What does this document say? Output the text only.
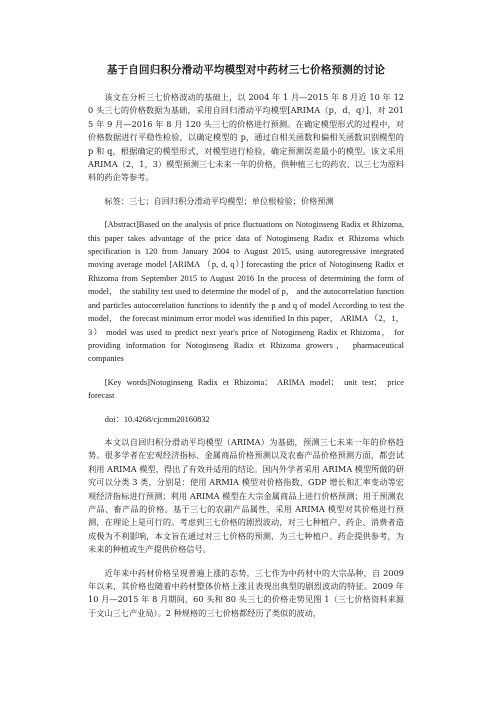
基于自回归积分滑动平均模型对中药材三七价格预测的讨论

该文在分析三七价格波动的基础上，以 2004 年 1 月—2015 年 8 月近 10 年 120 头三七的价格数据为基础，采用自回归滑动平均模型[ARIMA（p，d，q）]，对 2015 年 9 月—2016 年 8 月 120 头三七的价格进行预测。在确定模型形式的过程中，对价格数据进行平稳性检验，以确定模型的 p，通过自相关函数和偏相关函数识别模型的 p 和 q，根据确定的模型形式，对模型进行检验，确定预测误差最小的模型。该文采用 ARIMA（2，1，3）模型预测三七未来一年的价格，供种植三七的药农、以三七为原料料的药企等参考。

标签：三七；自回归积分滑动平均模型；单位根检验；价格预测

[Abstract]Based on the analysis of price fluctuations on Notoginseng Radix et Rhizoma, this paper takes advantage of the price data of Notoginseng Radix et Rhizoma which specification is 120 from January 2004 to August 2015, using autoregressive integrated moving average model [ARIMA （p, d, q）] forecasting the price of Notoginseng Radix et Rhizoma from September 2015 to August 2016 In the process of determining the form of model， the stability test used to determine the model of p， and the autocorrelation function and particles autocorrelation functions to identify the p and q of model According to test the model， the forecast minimum error model was identified In this paper， ARIMA （2，1，3） model was used to predict next year's price of Notoginseng Radix et Rhizoma， for providing information for Notoginseng Radix et Rhizoma growers， pharmaceutical companies

[Key words]Notoginseng Radix et Rhizoma； ARIMA model； unit test； price forecast

doi：10.4268/cjcmm20160832

本文以自回归积分滑动平均模型（ARIMA）为基础，预测三七未来一年的价格趋势。很多学者在宏观经济指标、金属商品价格预测以及农畜产品价格预测方面，都尝试利用 ARIMA 模型，得出了有效并适用的结论。国内外学者采用 ARIMA 模型所做的研究可以分类 3 类，分别是：使用 ARMIA 模型对价格指数、GDP 增长和汇率变动等宏观经济指标进行预测；利用 ARIMA 模型在大宗金属商品上进行价格预测；用于预测农产品、畜产品的价格。基于三七的农副产品属性，采用 ARIMA 模型对其价格进行预测，在理论上是可行的。考虑到三七价格的剧烈波动，对三七种植户、药企、消费者造成极为不利影响，本文旨在通过对三七价格的预测，为三七种植户、药企提供参考，为未来的种植或生产提供价格信号。

近年来中药材价格呈现普遍上涨的态势，三七作为中药材中的大宗品种，自 2009 年以来，其价格也随着中药材整体价格上涨且表现出典型的剧烈波动的特征。2009 年 10 月—2015 年 8 月期间，60 头和 80 头三七的价格走势见图 1（三七价格资料来源于文山三七产业局）。2 种规格的三七价格都经历了类似的波动，
